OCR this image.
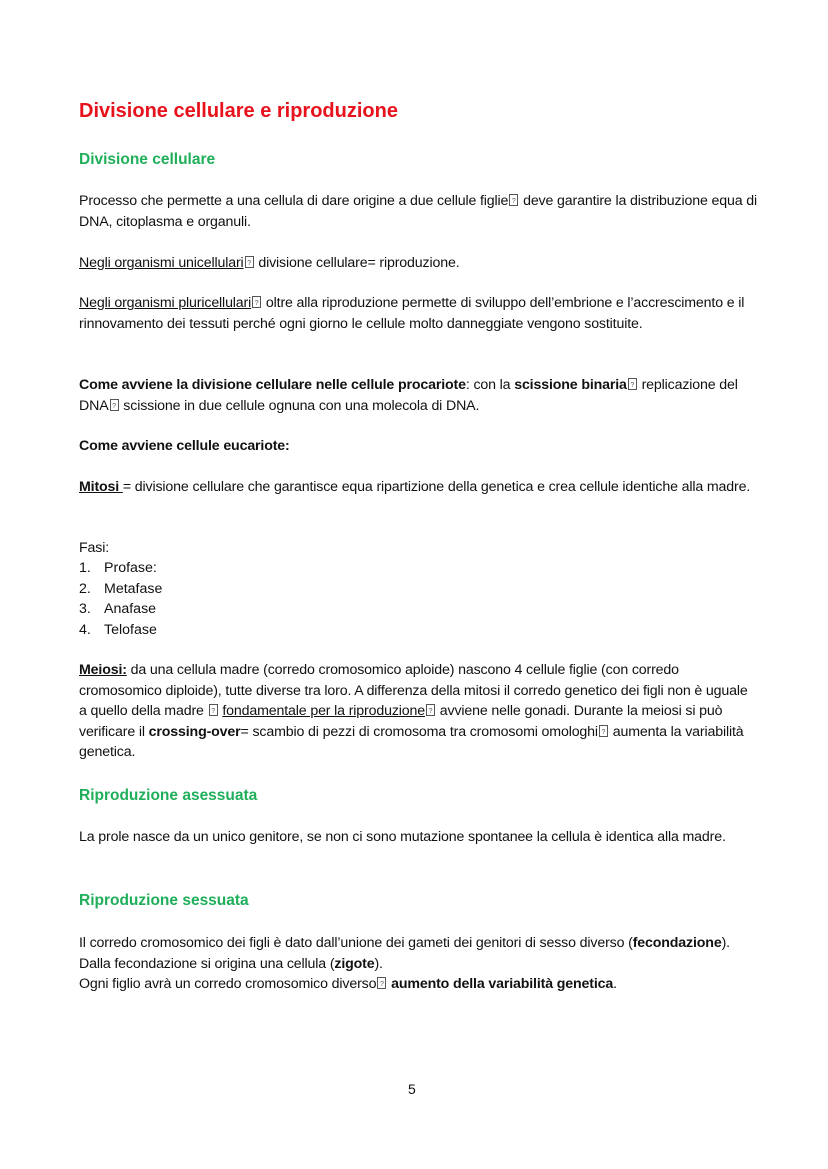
Divisione cellulare e riproduzione
Divisione cellulare

Processo che permette a una cellula di dare origine a due cellule figlie? deve garantire la distribuzione equa di DNA, citoplasma e organuli.

Negli organismi unicellulari? divisione cellulare= riproduzione.

Negli organismi pluricellulari? oltre alla riproduzione permette di sviluppo dell’embrione e l’accrescimento e il rinnovamento dei tessuti perché ogni giorno le cellule molto danneggiate vengono sostituite.

Come avviene la divisione cellulare nelle cellule procariote: con la scissione binaria? replicazione del DNA? scissione in due cellule ognuna con una molecola di DNA.

Come avviene cellule eucariote:

Mitosi = divisione cellulare che garantisce equa ripartizione della genetica e crea cellule identiche alla madre.

Fasi:

1. Profase:
2. Metafase
3. Anafase
4. Telofase

Meiosi: da una cellula madre (corredo cromosomico aploide) nascono 4 cellule figlie (con corredo cromosomico diploide), tutte diverse tra loro. A differenza della mitosi il corredo genetico dei figli non è uguale a quello della madre ? fondamentale per la riproduzione? avviene nelle gonadi. Durante la meiosi si può verificare il crossing-over= scambio di pezzi di cromosoma tra cromosomi omologhi? aumenta la variabilità genetica.

Riproduzione asessuata

La prole nasce da un unico genitore, se non ci sono mutazione spontanee la cellula è identica alla madre.

Riproduzione sessuata

Il corredo cromosomico dei figli è dato dall’unione dei gameti dei genitori di sesso diverso (fecondazione). Dalla fecondazione si origina una cellula (zigote).
Ogni figlio avrà un corredo cromosomico diverso? aumento della variabilità genetica.

5
